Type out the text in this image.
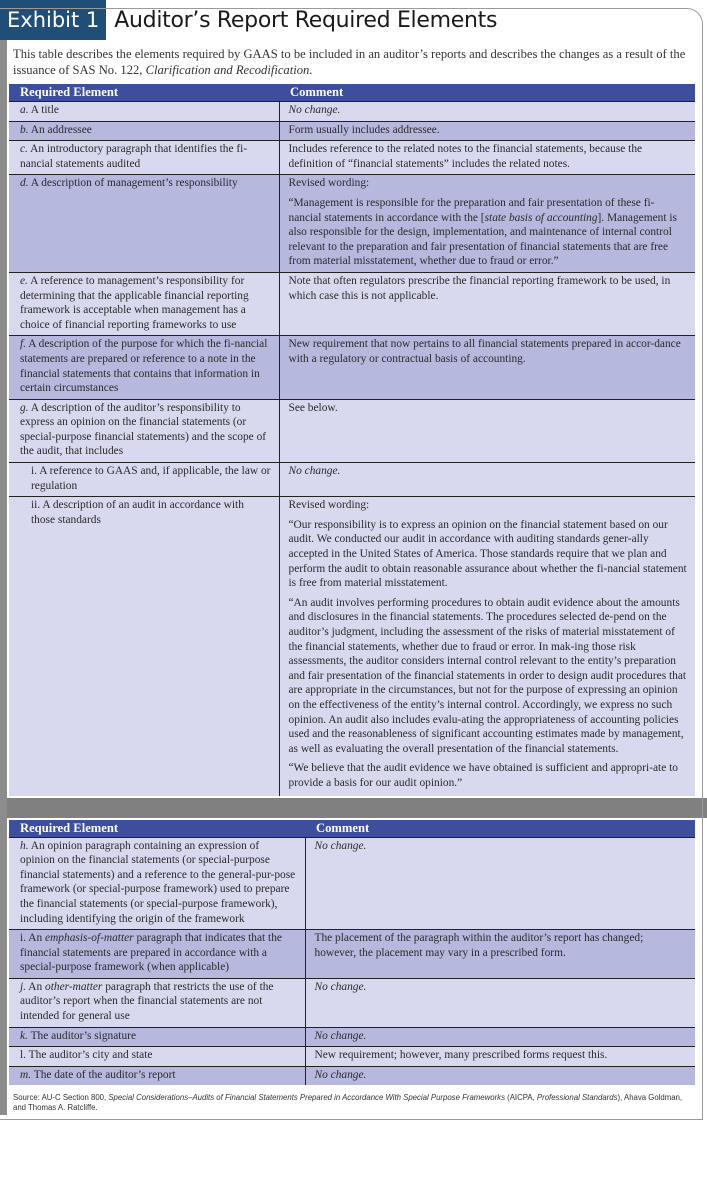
Exhibit 1 Auditor’s Report Required Elements

This table describes the elements required by GAAS to be included in an auditor’s reports and describes the changes as a result of the issuance of SAS No. 122, Clarification and Recodification.

Required Element	Comment
a. A title	No change.
b. An addressee	Form usually includes addressee.
c. An introductory paragraph that identifies the fi-nancial statements audited	Includes reference to the related notes to the financial statements, because the definition of “financial statements” includes the related notes.
d. A description of management’s responsibility	Revised wording:
“Management is responsible for the preparation and fair presentation of these fi-nancial statements in accordance with the [state basis of accounting]. Management is also responsible for the design, implementation, and maintenance of internal control relevant to the preparation and fair presentation of financial statements that are free from material misstatement, whether due to fraud or error.”

e. A reference to management’s responsibility for determining that the applicable financial reporting framework is acceptable when management has a choice of financial reporting frameworks to use	Note that often regulators prescribe the financial reporting framework to be used, in which case this is not applicable.
f. A description of the purpose for which the fi-nancial statements are prepared or reference to a note in the financial statements that contains that information in certain circumstances	New requirement that now pertains to all financial statements prepared in accor-dance with a regulatory or contractual basis of accounting.
g. A description of the auditor’s responsibility to express an opinion on the financial statements (or special-purpose financial statements) and the scope of the audit, that includes	See below.
i. A reference to GAAS and, if applicable, the law or regulation	No change.
ii. A description of an audit in accordance with those standards	Revised wording:
“Our responsibility is to express an opinion on the financial statement based on our audit. We conducted our audit in accordance with auditing standards gener-ally accepted in the United States of America. Those standards require that we plan and perform the audit to obtain reasonable assurance about whether the fi-nancial statement is free from material misstatement.
“An audit involves performing procedures to obtain audit evidence about the amounts and disclosures in the financial statements. The procedures selected de-pend on the auditor’s judgment, including the assessment of the risks of material misstatement of the financial statements, whether due to fraud or error. In mak-ing those risk assessments, the auditor considers internal control relevant to the entity’s preparation and fair presentation of the financial statements in order to design audit procedures that are appropriate in the circumstances, but not for the purpose of expressing an opinion on the effectiveness of the entity’s internal control. Accordingly, we express no such opinion. An audit also includes evalu-ating the appropriateness of accounting policies used and the reasonableness of significant accounting estimates made by management, as well as evaluating the overall presentation of the financial statements.
“We believe that the audit evidence we have obtained is sufficient and appropri-ate to provide a basis for our audit opinion.”
Required Element	Comment
h. An opinion paragraph containing an expression of opinion on the financial statements (or special-purpose financial statements) and a reference to the general-pur-pose framework (or special-purpose framework) used to prepare the financial statements (or special-purpose framework), including identifying the origin of the framework	No change.
i. An emphasis-of-matter paragraph that indicates that the financial statements are prepared in accordance with a special-purpose framework (when applicable)	The placement of the paragraph within the auditor’s report has changed; however, the placement may vary in a prescribed form.
j. An other-matter paragraph that restricts the use of the auditor’s report when the financial statements are not intended for general use	No change.
k. The auditor’s signature	No change.
l. The auditor’s city and state	New requirement; however, many prescribed forms request this.
m. The date of the auditor’s report	No change.

Source: AU-C Section 800, Special Considerations–Audits of Financial Statements Prepared in Accordance With Special Purpose Frameworks (AICPA, Professional Standards), Ahava Goldman, and Thomas A. Ratcliffe.
